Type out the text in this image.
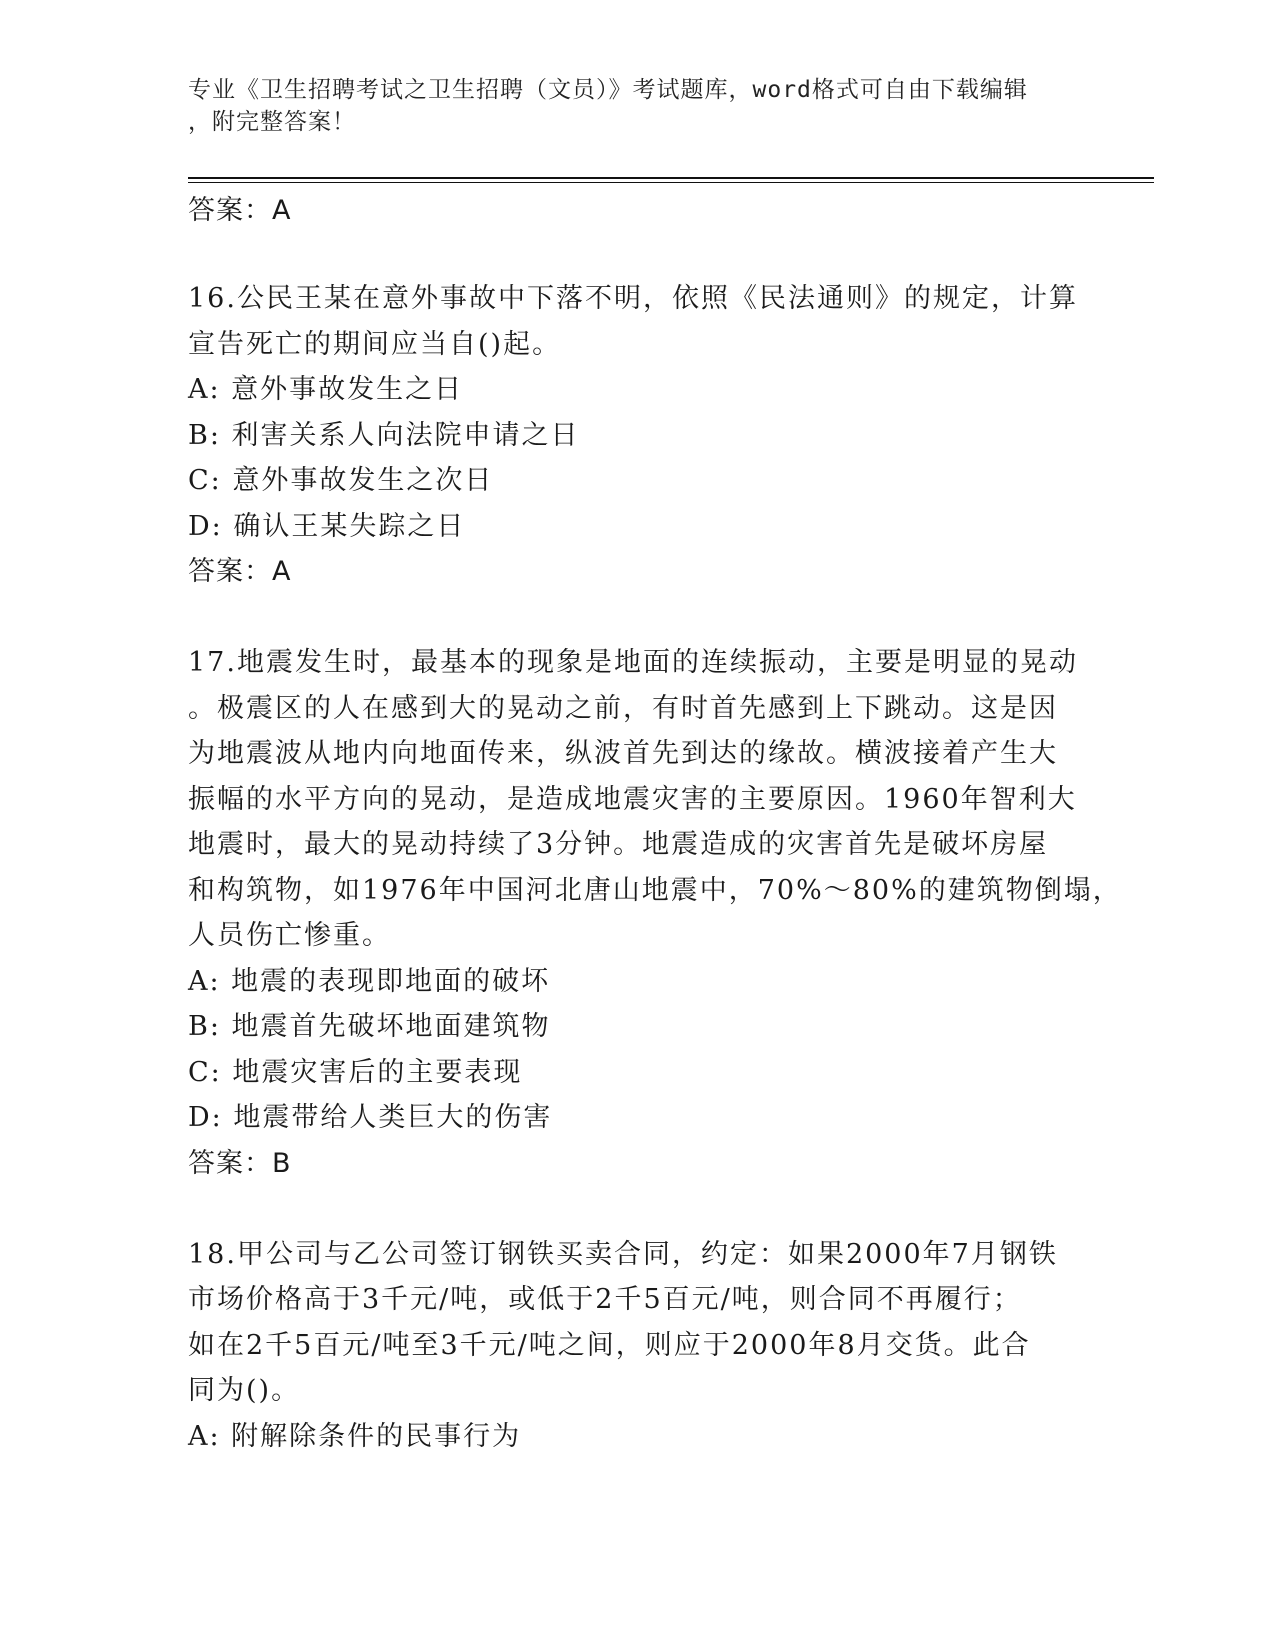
专业《卫生招聘考试之卫生招聘（文员）》考试题库，word格式可自由下载编辑
，附完整答案！
答案：A
16.公民王某在意外事故中下落不明，依照《民法通则》的规定，计算
宣告死亡的期间应当自()起。
A: 意外事故发生之日
B: 利害关系人向法院申请之日
C: 意外事故发生之次日
D: 确认王某失踪之日
答案：A
17.地震发生时，最基本的现象是地面的连续振动，主要是明显的晃动
。极震区的人在感到大的晃动之前，有时首先感到上下跳动。这是因
为地震波从地内向地面传来，纵波首先到达的缘故。横波接着产生大
振幅的水平方向的晃动，是造成地震灾害的主要原因。1960年智利大
地震时，最大的晃动持续了3分钟。地震造成的灾害首先是破坏房屋
和构筑物，如1976年中国河北唐山地震中，70%～80%的建筑物倒塌，
人员伤亡惨重。
A: 地震的表现即地面的破坏
B: 地震首先破坏地面建筑物
C: 地震灾害后的主要表现
D: 地震带给人类巨大的伤害
答案：B
18.甲公司与乙公司签订钢铁买卖合同，约定：如果2000年7月钢铁
市场价格高于3千元/吨，或低于2千5百元/吨，则合同不再履行；
如在2千5百元/吨至3千元/吨之间，则应于2000年8月交货。此合
同为()。
A: 附解除条件的民事行为
